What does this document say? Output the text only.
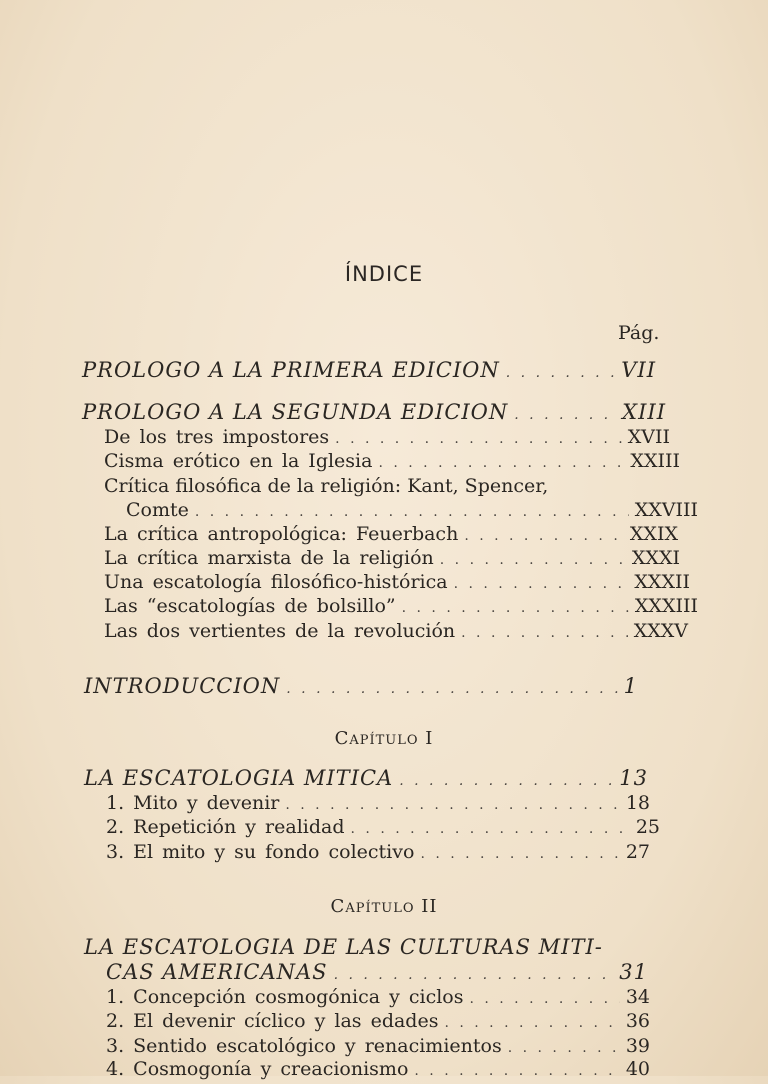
ÍNDICE
Pág.
PROLOGO A LA PRIMERA EDICION . . .	VII
PROLOGO A LA SEGUNDA EDICION . . .	XIII
De los tres impostores . . .	XVII
Cisma erótico en la Iglesia . . .	XXIII
Crítica filosófica de la religión: Kant, Spencer,
Comte . . .	XXVIII
La crítica antropológica: Feuerbach . . .	XXIX
La crítica marxista de la religión . . .	XXXI
Una escatología filosófico-histórica . . .	XXXII
Las “escatologías de bolsillo” . . .	XXXIII
Las dos vertientes de la revolución . . .	XXXV
INTRODUCCION . . .	1
Capítulo I
LA ESCATOLOGIA MITICA . . .	13
1. Mito y devenir . . .	18
2. Repetición y realidad . . .	25
3. El mito y su fondo colectivo . . .	27
Capítulo II
LA ESCATOLOGIA DE LAS CULTURAS MITI-
CAS AMERICANAS . . .	31
1. Concepción cosmogónica y ciclos . . .	34
2. El devenir cíclico y las edades . . .	36
3. Sentido escatológico y renacimientos . . .	39
4. Cosmogonía y creacionismo . . .	40
